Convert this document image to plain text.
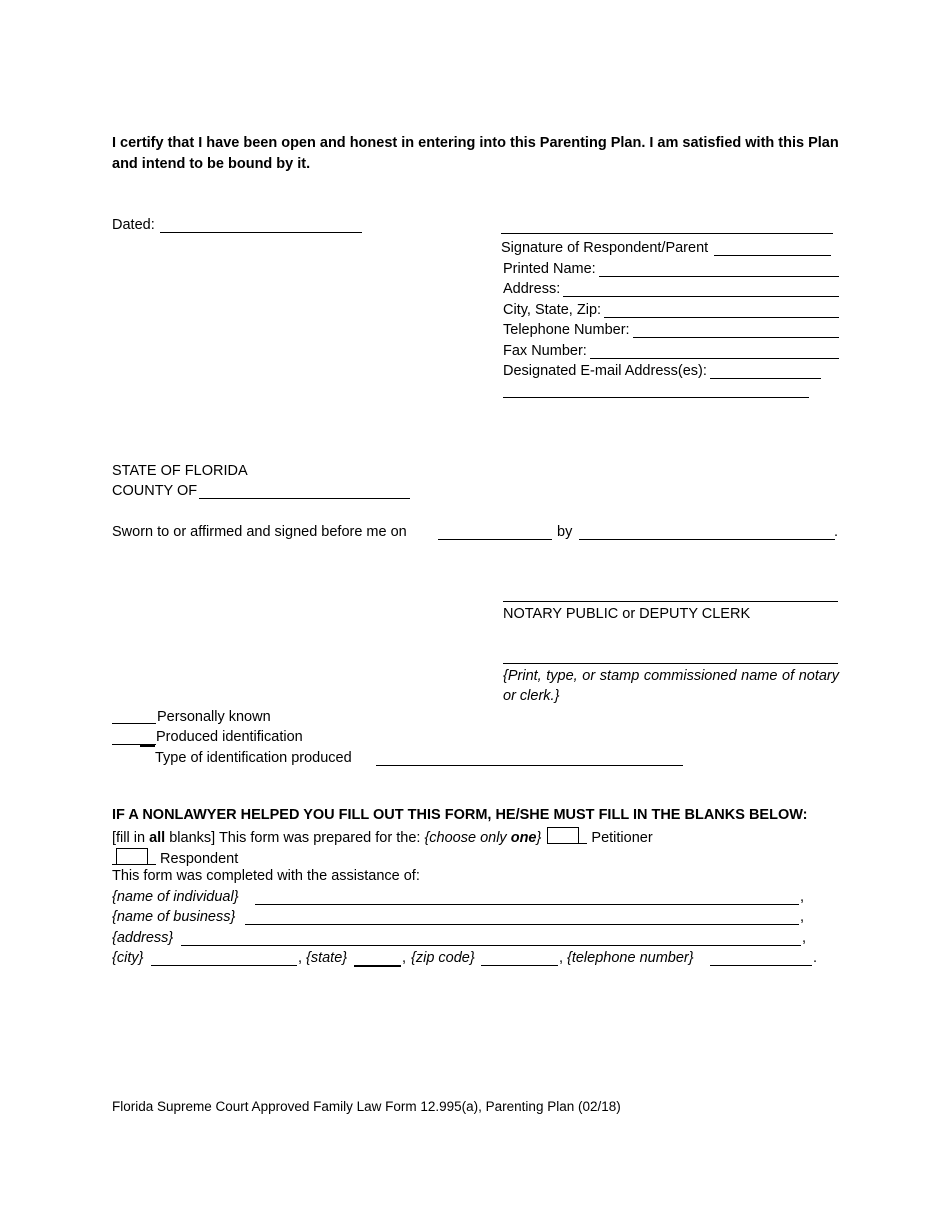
I certify that I have been open and honest in entering into this Parenting Plan. I am satisfied with this Plan and intend to be bound by it.
Dated:
Signature of Respondent/Parent
Printed Name:
Address:
City, State, Zip:
Telephone Number:
Fax Number:
Designated E-mail Address(es):
STATE OF FLORIDA
COUNTY OF
Sworn to or affirmed and signed before me on	by	.
NOTARY PUBLIC or DEPUTY CLERK
{Print, type, or stamp commissioned name of notary or clerk.}
Personally known
Produced identification
Type of identification produced
IF A NONLAWYER HELPED YOU FILL OUT THIS FORM, HE/SHE MUST FILL IN THE BLANKS BELOW:
[fill in all blanks] This form was prepared for the: {choose only one}	Petitioner
Respondent
This form was completed with the assistance of:
{name of individual}	,
{name of business}	,
{address}	,
{city}	, {state}	, {zip code}	, {telephone number}	.
Florida Supreme Court Approved Family Law Form 12.995(a), Parenting Plan (02/18)
